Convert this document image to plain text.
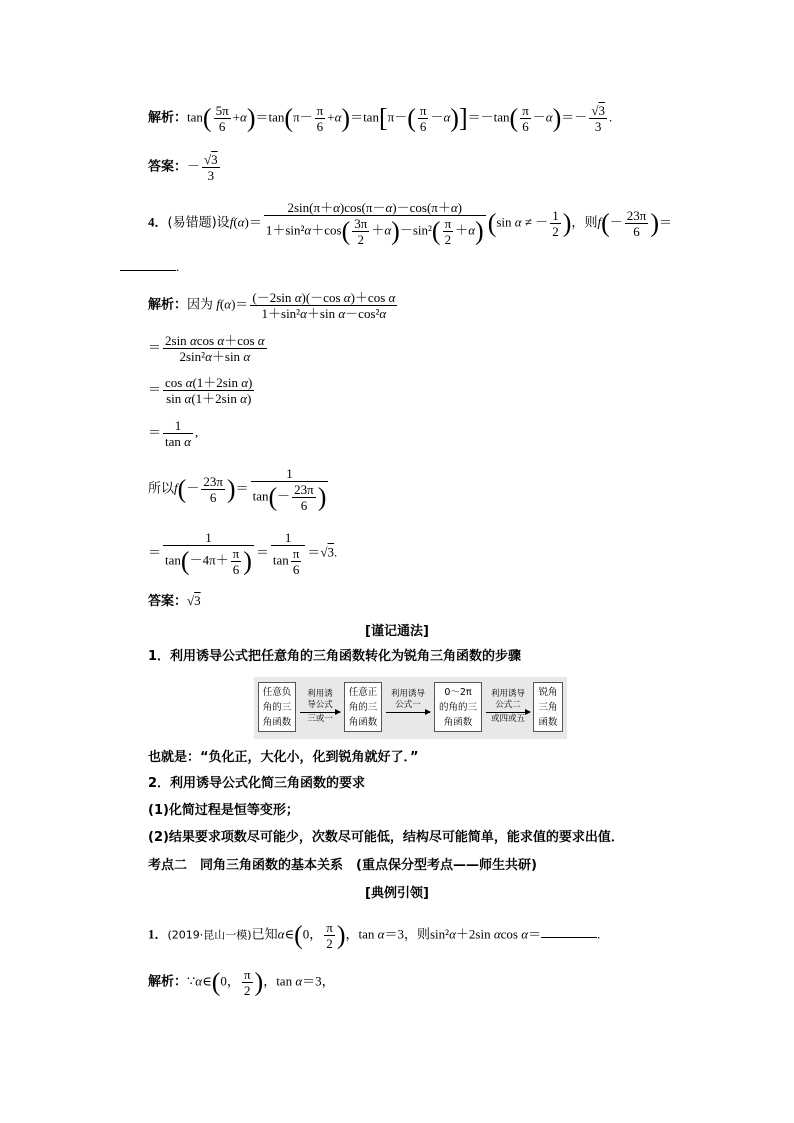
解析：$\tan( \frac{5\pi}{6} +\alpha)=\tan(\pi- \frac{\pi}{6} +\alpha)=\tan[\pi-( \frac{\pi}{6} -\alpha)]=-\tan( \frac{\pi}{6} -\alpha)=- \frac{√3}{3}$ .
答案：－ $\frac{√3}{3}$
4．(易错题)设$f(\alpha)= \frac{2\sin(\pi+\alpha)\cos(\pi-\alpha)-\cos(\pi+\alpha)}{1+\sin^2\alpha+\cos( \frac{3\pi}{2} +\alpha)-\sin^2( \frac{\pi}{2} +\alpha)} (\sin$ α ≠ － $\frac{1}{2}$ )，则$f(- \frac{23\pi}{6}$ )＝
.
解析：因为 $f(\alpha)= \frac{\text{(－2sin α)(－cos α)＋cos α}}{\text{1＋sin²α＋sin α－cos²α}}$
＝ $\frac{\text{2sin αcos α＋cos α}}{\text{2sin²α＋sin α}}$
＝ $\frac{\text{cos α(1＋2sin α)}}{\text{sin α(1＋2sin α)}}$
＝ $\frac{1}{\text{tan α}}$ ,
所以$f(- \frac{23\pi}{6}$ )＝ $\frac{1}{\tan(- \frac{23\pi}{6} )}$
＝ $\frac{1}{\tan(-4\pi+ \frac{\pi}{6} )} = \frac{1}{\tan \frac{\pi}{6}} =√3$.
答案：√3
[谨记通法]
1．利用诱导公式把任意角的三角函数转化为锐角三角函数的步骤
任意负
角的三
角函数
利用诱
导公式
三或一
任意正
角的三
角函数
利用诱导
公式一
0～2π
的角的三
角函数
利用诱导
公式二
或四或五
锐角
三角
函数
也就是：“负化正，大化小，化到锐角就好了．”
2．利用诱导公式化简三角函数的要求
(1)化简过程是恒等变形；
(2)结果要求项数尽可能少，次数尽可能低，结构尽可能简单，能求值的要求出值．
考点二　同角三角函数的基本关系　(重点保分型考点——师生共研)
[典例引领]
1．(2019·昆山一模)已知α∈(0， $\frac{\pi}{2}$ )，tan α＝3，则sin²α＋2sin αcos α＝	.
解析：∵α∈(0， $\frac{\pi}{2}$ )，tan α＝3，
